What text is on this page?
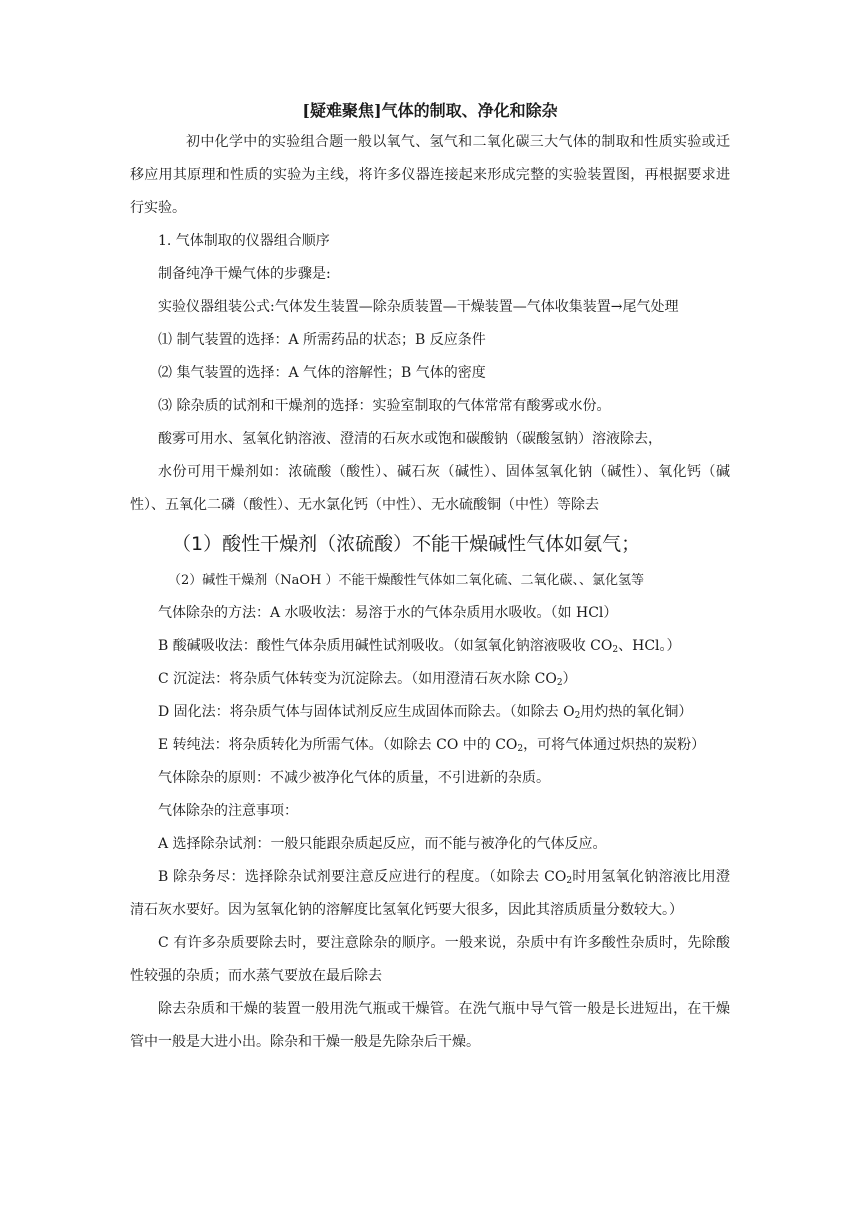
[疑难聚焦]气体的制取、净化和除杂

初中化学中的实验组合题一般以氧气、氢气和二氧化碳三大气体的制取和性质实验或迁移应用其原理和性质的实验为主线，将许多仪器连接起来形成完整的实验装置图，再根据要求进行实验。

1. 气体制取的仪器组合顺序

制备纯净干燥气体的步骤是:

实验仪器组装公式:气体发生装置—除杂质装置—干燥装置—气体收集装置→尾气处理

⑴ 制气装置的选择：A 所需药品的状态；B 反应条件

⑵ 集气装置的选择：A 气体的溶解性；B 气体的密度

⑶ 除杂质的试剂和干燥剂的选择：实验室制取的气体常常有酸雾或水份。

酸雾可用水、氢氧化钠溶液、澄清的石灰水或饱和碳酸钠（碳酸氢钠）溶液除去，

水份可用干燥剂如：浓硫酸（酸性）、碱石灰（碱性）、固体氢氧化钠（碱性）、氧化钙（碱性）、五氧化二磷（酸性）、无水氯化钙（中性）、无水硫酸铜（中性）等除去

（1）酸性干燥剂（浓硫酸）不能干燥碱性气体如氨气；

（2）碱性干燥剂（NaOH ）不能干燥酸性气体如二氧化硫、二氧化碳、、氯化氢等

气体除杂的方法：A 水吸收法：易溶于水的气体杂质用水吸收。（如 HCl）

B 酸碱吸收法：酸性气体杂质用碱性试剂吸收。（如氢氧化钠溶液吸收 $CO_2$、HCl。）

C 沉淀法：将杂质气体转变为沉淀除去。（如用澄清石灰水除 $CO_2$）

D 固化法：将杂质气体与固体试剂反应生成固体而除去。（如除去 $O_2$用灼热的氧化铜）

E 转纯法：将杂质转化为所需气体。（如除去 CO 中的 $CO_2$，可将气体通过炽热的炭粉）

气体除杂的原则：不减少被净化气体的质量，不引进新的杂质。

气体除杂的注意事项：

A 选择除杂试剂：一般只能跟杂质起反应，而不能与被净化的气体反应。

B 除杂务尽：选择除杂试剂要注意反应进行的程度。（如除去 $CO_2$时用氢氧化钠溶液比用澄清石灰水要好。因为氢氧化钠的溶解度比氢氧化钙要大很多，因此其溶质质量分数较大。）

C 有许多杂质要除去时，要注意除杂的顺序。一般来说，杂质中有许多酸性杂质时，先除酸性较强的杂质；而水蒸气要放在最后除去

除去杂质和干燥的装置一般用洗气瓶或干燥管。在洗气瓶中导气管一般是长进短出，在干燥管中一般是大进小出。除杂和干燥一般是先除杂后干燥。
